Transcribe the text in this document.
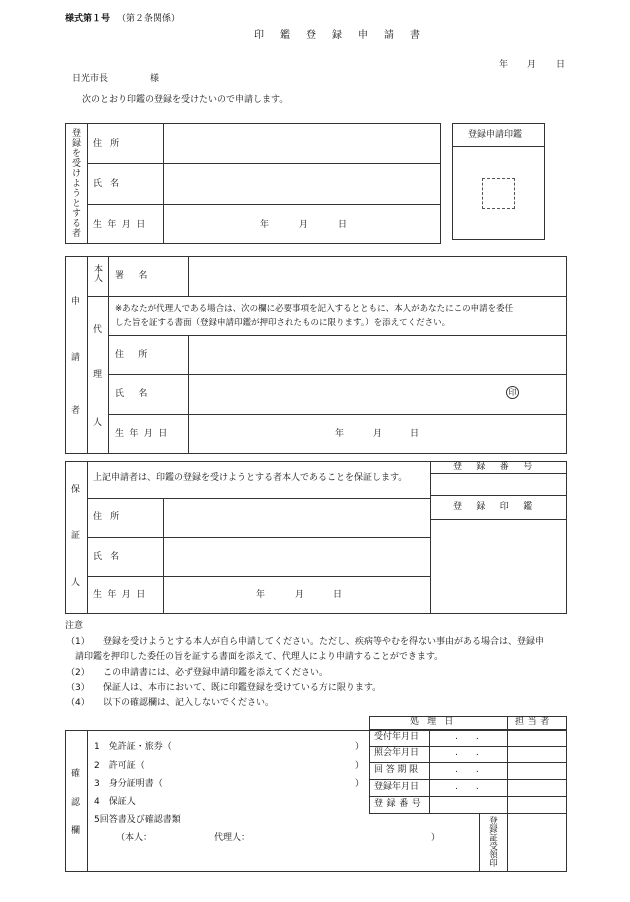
様式第１号 （第２条関係）
印鑑登録申請書
年 月 日
日光市長	様
次のとおり印鑑の登録を受けたいので申請します。
登録を受けようとする者 住所
氏名
生年月日	年	月	日
登録申請印鑑
申
請
者
本人 署名
代
理
人
※あなたが代理人である場合は、次の欄に必要事項を記入するとともに、本人があなたにこの申請を委任
した旨を証する書面（登録申請印鑑が押印されたものに限ります。）を添えてください。
住所
氏名	印
生年月日	年	月	日
保
証
人
上記申請者は、印鑑の登録を受けようとする者本人であることを保証します。
登録番号
登録印鑑
住所
氏名
生年月日	年	月	日
注意
（1） 登録を受けようとする本人が自ら申請してください。ただし、疾病等やむを得ない事由がある場合は、登録申
請印鑑を押印した委任の旨を証する書面を添えて、代理人により申請することができます。
（2） この申請書には、必ず登録申請印鑑を添えてください。
（3） 保証人は、本市において、既に印鑑登録を受けている方に限ります。
（4） 以下の確認欄は、記入しないでください。
処理日	担当者
確
認
欄
1　免許証・旅券（	）
2　許可証（	）
3　身分証明書（	）
4　保証人
5回答書及び確認書類
（本人：	代理人：	）
受付年月日	.　　.
照会年月日	.　　.
回答期限	.　　.
登録年月日	.　　.
登録番号
登録証受領印
